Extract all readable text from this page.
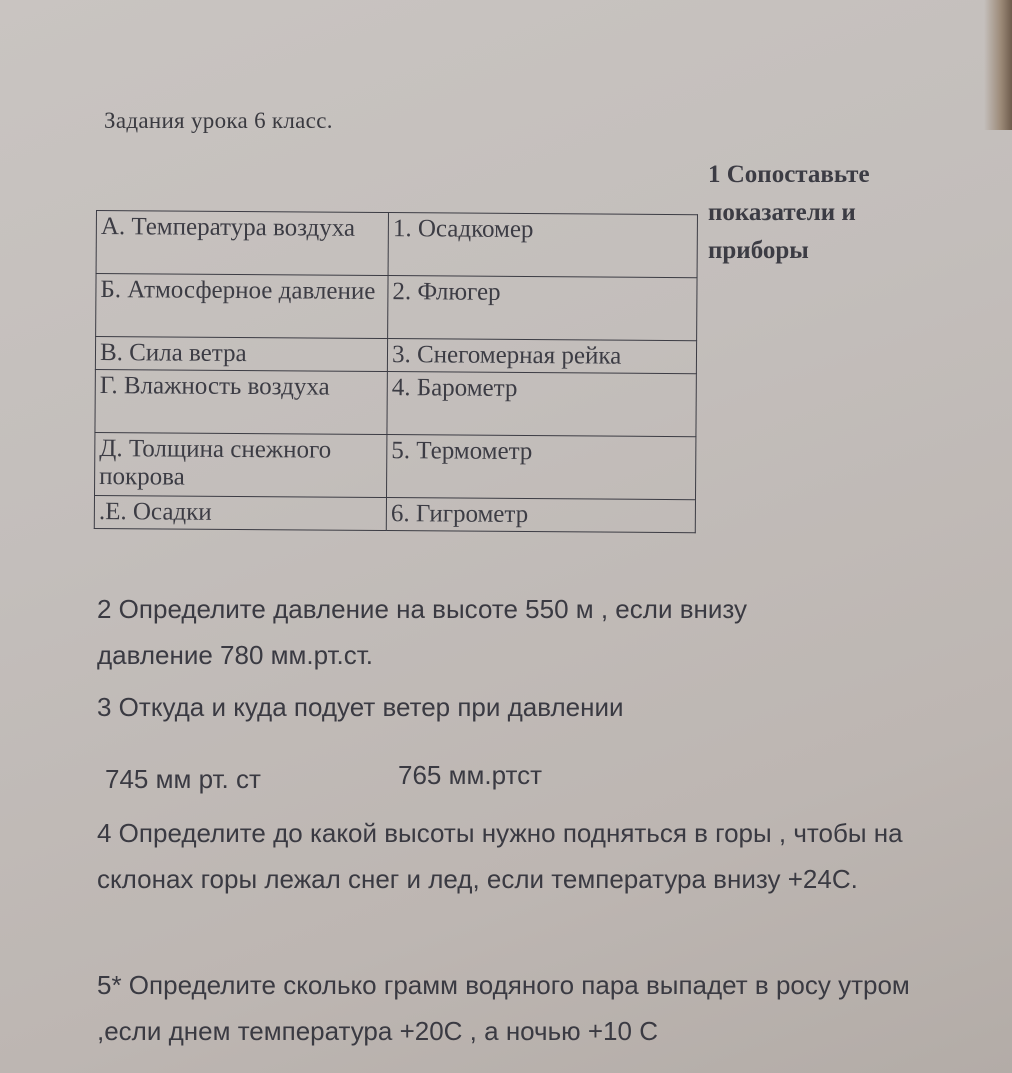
Задания урока 6 класс.
1 Сопоставьте
показатели и
приборы
А. Температура воздуха	1. Осадкомер
Б. Атмосферное давление	2. Флюгер
В. Сила ветра	3. Снегомерная рейка
Г. Влажность воздуха	4. Барометр
Д. Толщина снежного покрова	5. Термометр
.Е. Осадки	6. Гигрометр
2 Определите давление на высоте 550 м , если внизу давление 780 мм.рт.ст.
3 Откуда и куда подует ветер при давлении
745 мм рт. ст	765 мм.ртст
4 Определите до какой высоты нужно подняться в горы , чтобы на склонах горы лежал снег и лед, если температура внизу +24С.
5* Определите сколько грамм водяного пара выпадет в росу утром ,если днем температура +20С , а ночью +10 С
